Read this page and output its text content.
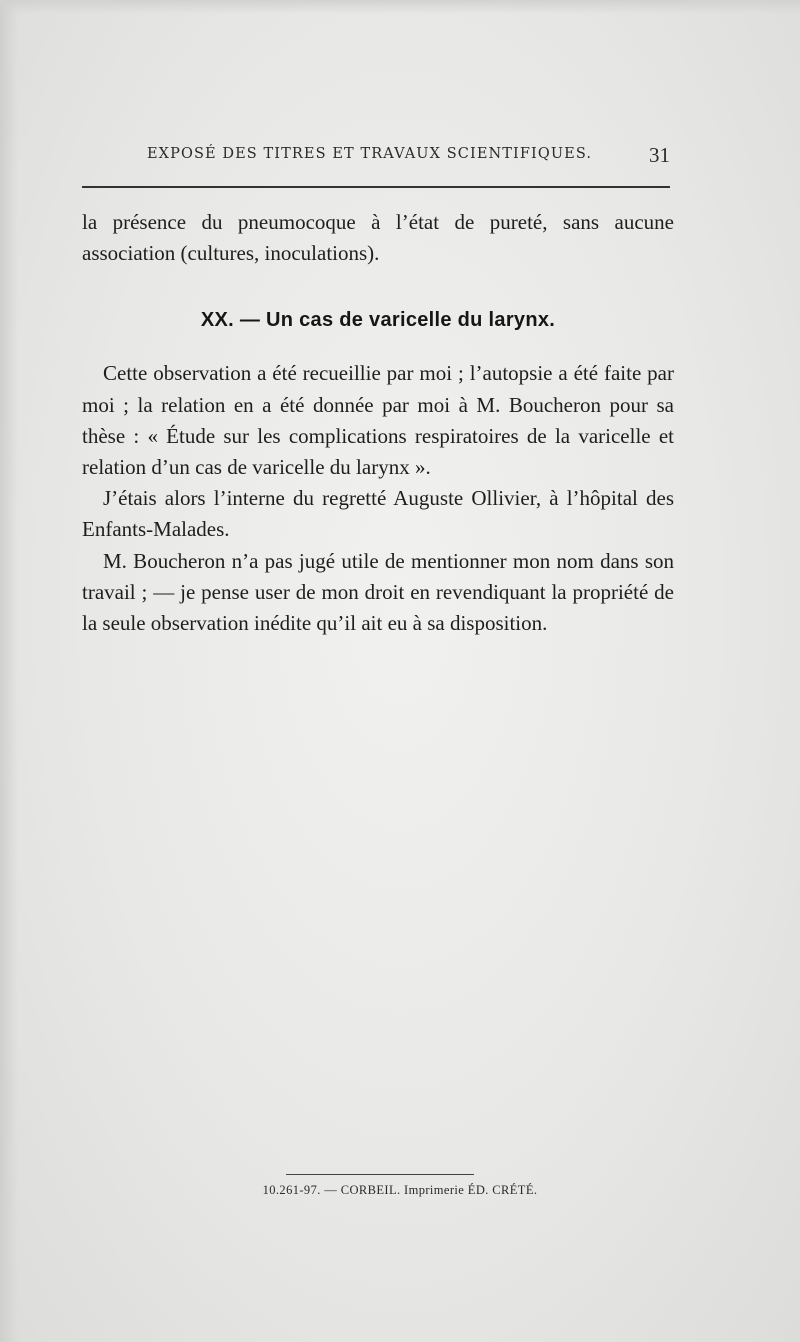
EXPOSÉ DES TITRES ET TRAVAUX SCIENTIFIQUES.	31

la présence du pneumocoque à l’état de pureté, sans aucune association (cultures, inoculations).

XX. — Un cas de varicelle du larynx.

Cette observation a été recueillie par moi ; l’autopsie a été faite par moi ; la relation en a été donnée par moi à M. Boucheron pour sa thèse : « Étude sur les complications respiratoires de la varicelle et relation d’un cas de varicelle du larynx ».

J’étais alors l’interne du regretté Auguste Ollivier, à l’hôpital des Enfants-Malades.

M. Boucheron n’a pas jugé utile de mentionner mon nom dans son travail ; — je pense user de mon droit en revendiquant la propriété de la seule observation inédite qu’il ait eu à sa disposition.

10.261-97. — CORBEIL. Imprimerie ÉD. CRÉTÉ.
